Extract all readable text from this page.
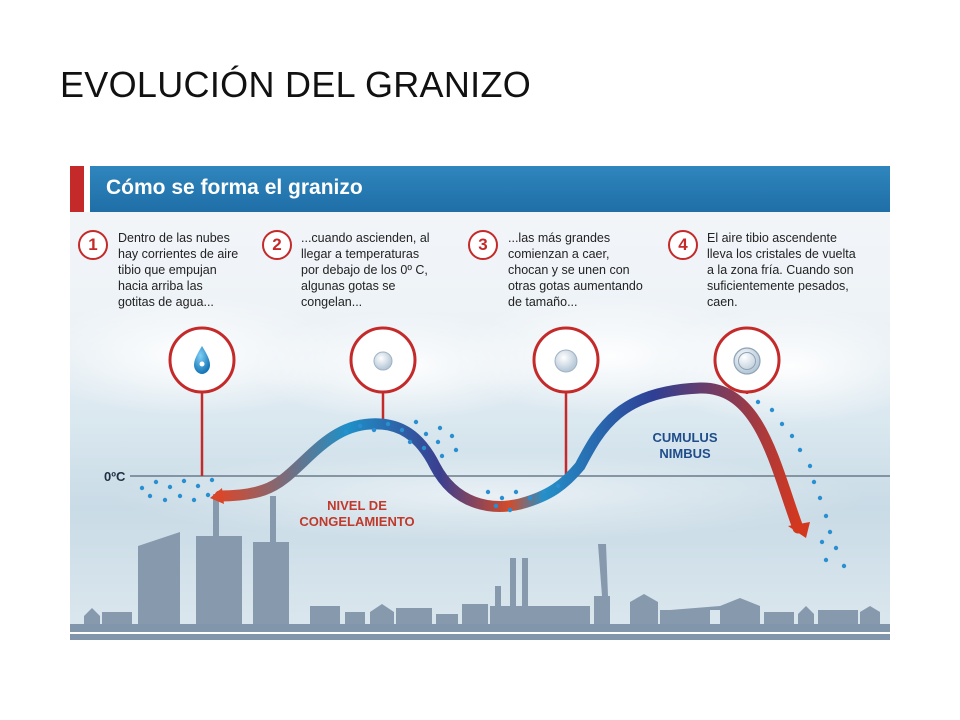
EVOLUCIÓN DEL GRANIZO
Cómo se forma el granizo
1	Dentro de las nubes
hay corrientes de aire
tibio que empujan
hacia arriba las
gotitas de agua...
2	...cuando ascienden, al
llegar a temperaturas
por debajo de los 0º C,
algunas gotas se
congelan...
3	...las más grandes
comienzan a caer,
chocan y se unen con
otras gotas aumentando
de tamaño...
4	El aire tibio ascendente
lleva los cristales de vuelta
a la zona fría. Cuando son
suficientemente pesados,
caen.
0ºC
NIVEL DE
CONGELAMIENTO
CUMULUS
NIMBUS
